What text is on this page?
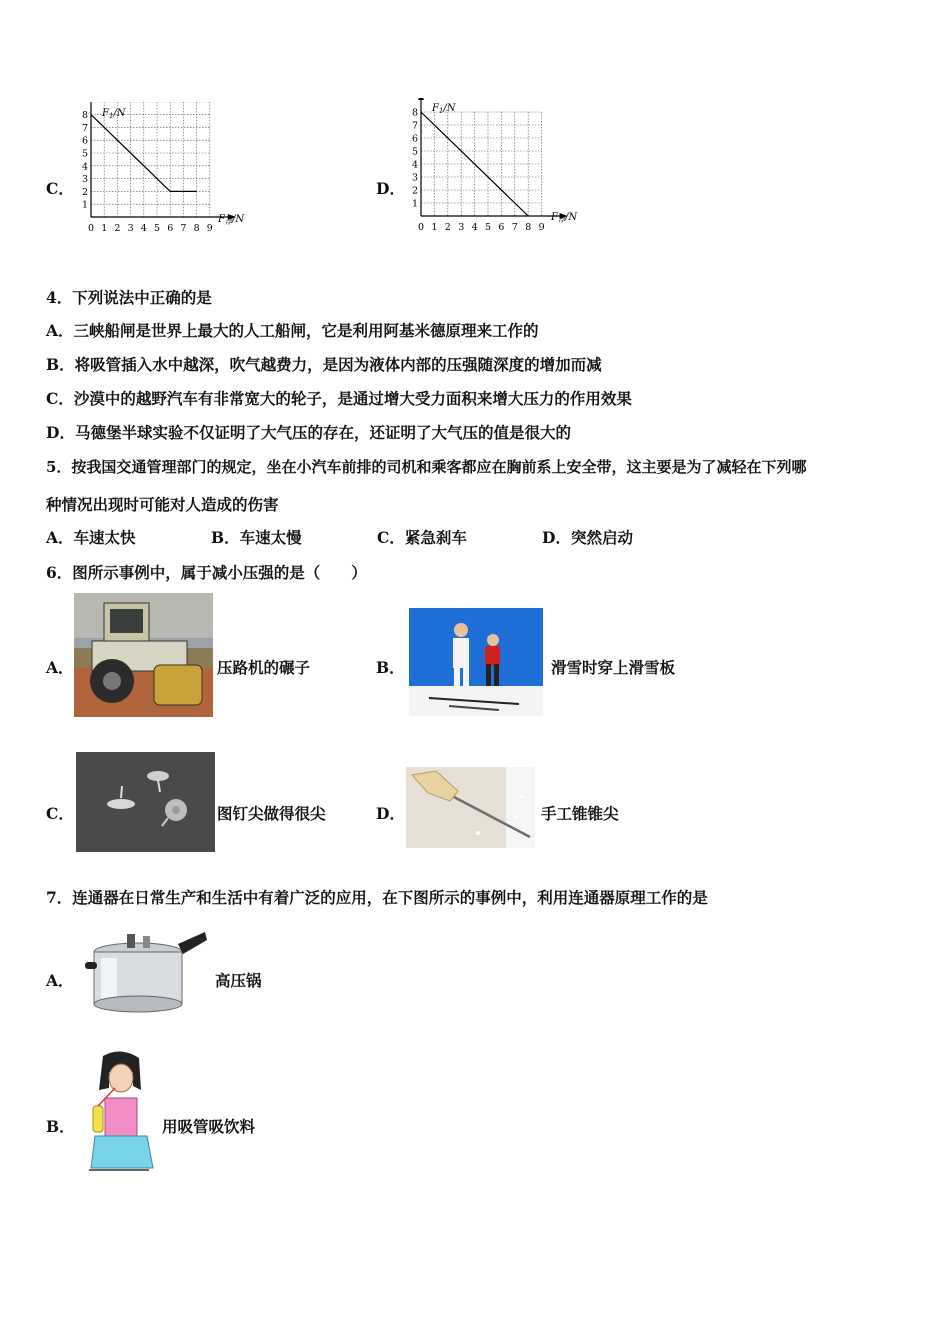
C．
1
2
3
4
5
6
7
8
0 1 2 3 4 5 6 7 8 9
$F_1/N$
$F_浮/N$
D．
1
2
3
4
5
6
7
8
0 1 2 3 4 5 6 7 8 9
$F_1/N$
$F_浮/N$
4．下列说法中正确的是
A．三峡船闸是世界上最大的人工船闸，它是利用阿基米德原理来工作的
B．将吸管插入水中越深，吹气越费力，是因为液体内部的压强随深度的增加而减
C．沙漠中的越野汽车有非常宽大的轮子，是通过增大受力面积来增大压力的作用效果
D．马德堡半球实验不仅证明了大气压的存在，还证明了大气压的值是很大的
5．按我国交通管理部门的规定，坐在小汽车前排的司机和乘客都应在胸前系上安全带，这主要是为了减轻在下列哪
种情况出现时可能对人造成的伤害
A．车速太快	B．车速太慢	C．紧急刹车	D．突然启动
6．图所示事例中，属于减小压强的是（　　）
A．	压路机的碾子	B．	滑雪时穿上滑雪板
C．	图钉尖做得很尖	D．	手工锥锥尖
7．连通器在日常生产和生活中有着广泛的应用，在下图所示的事例中，利用连通器原理工作的是
A．	高压锅
B．	用吸管吸饮料
